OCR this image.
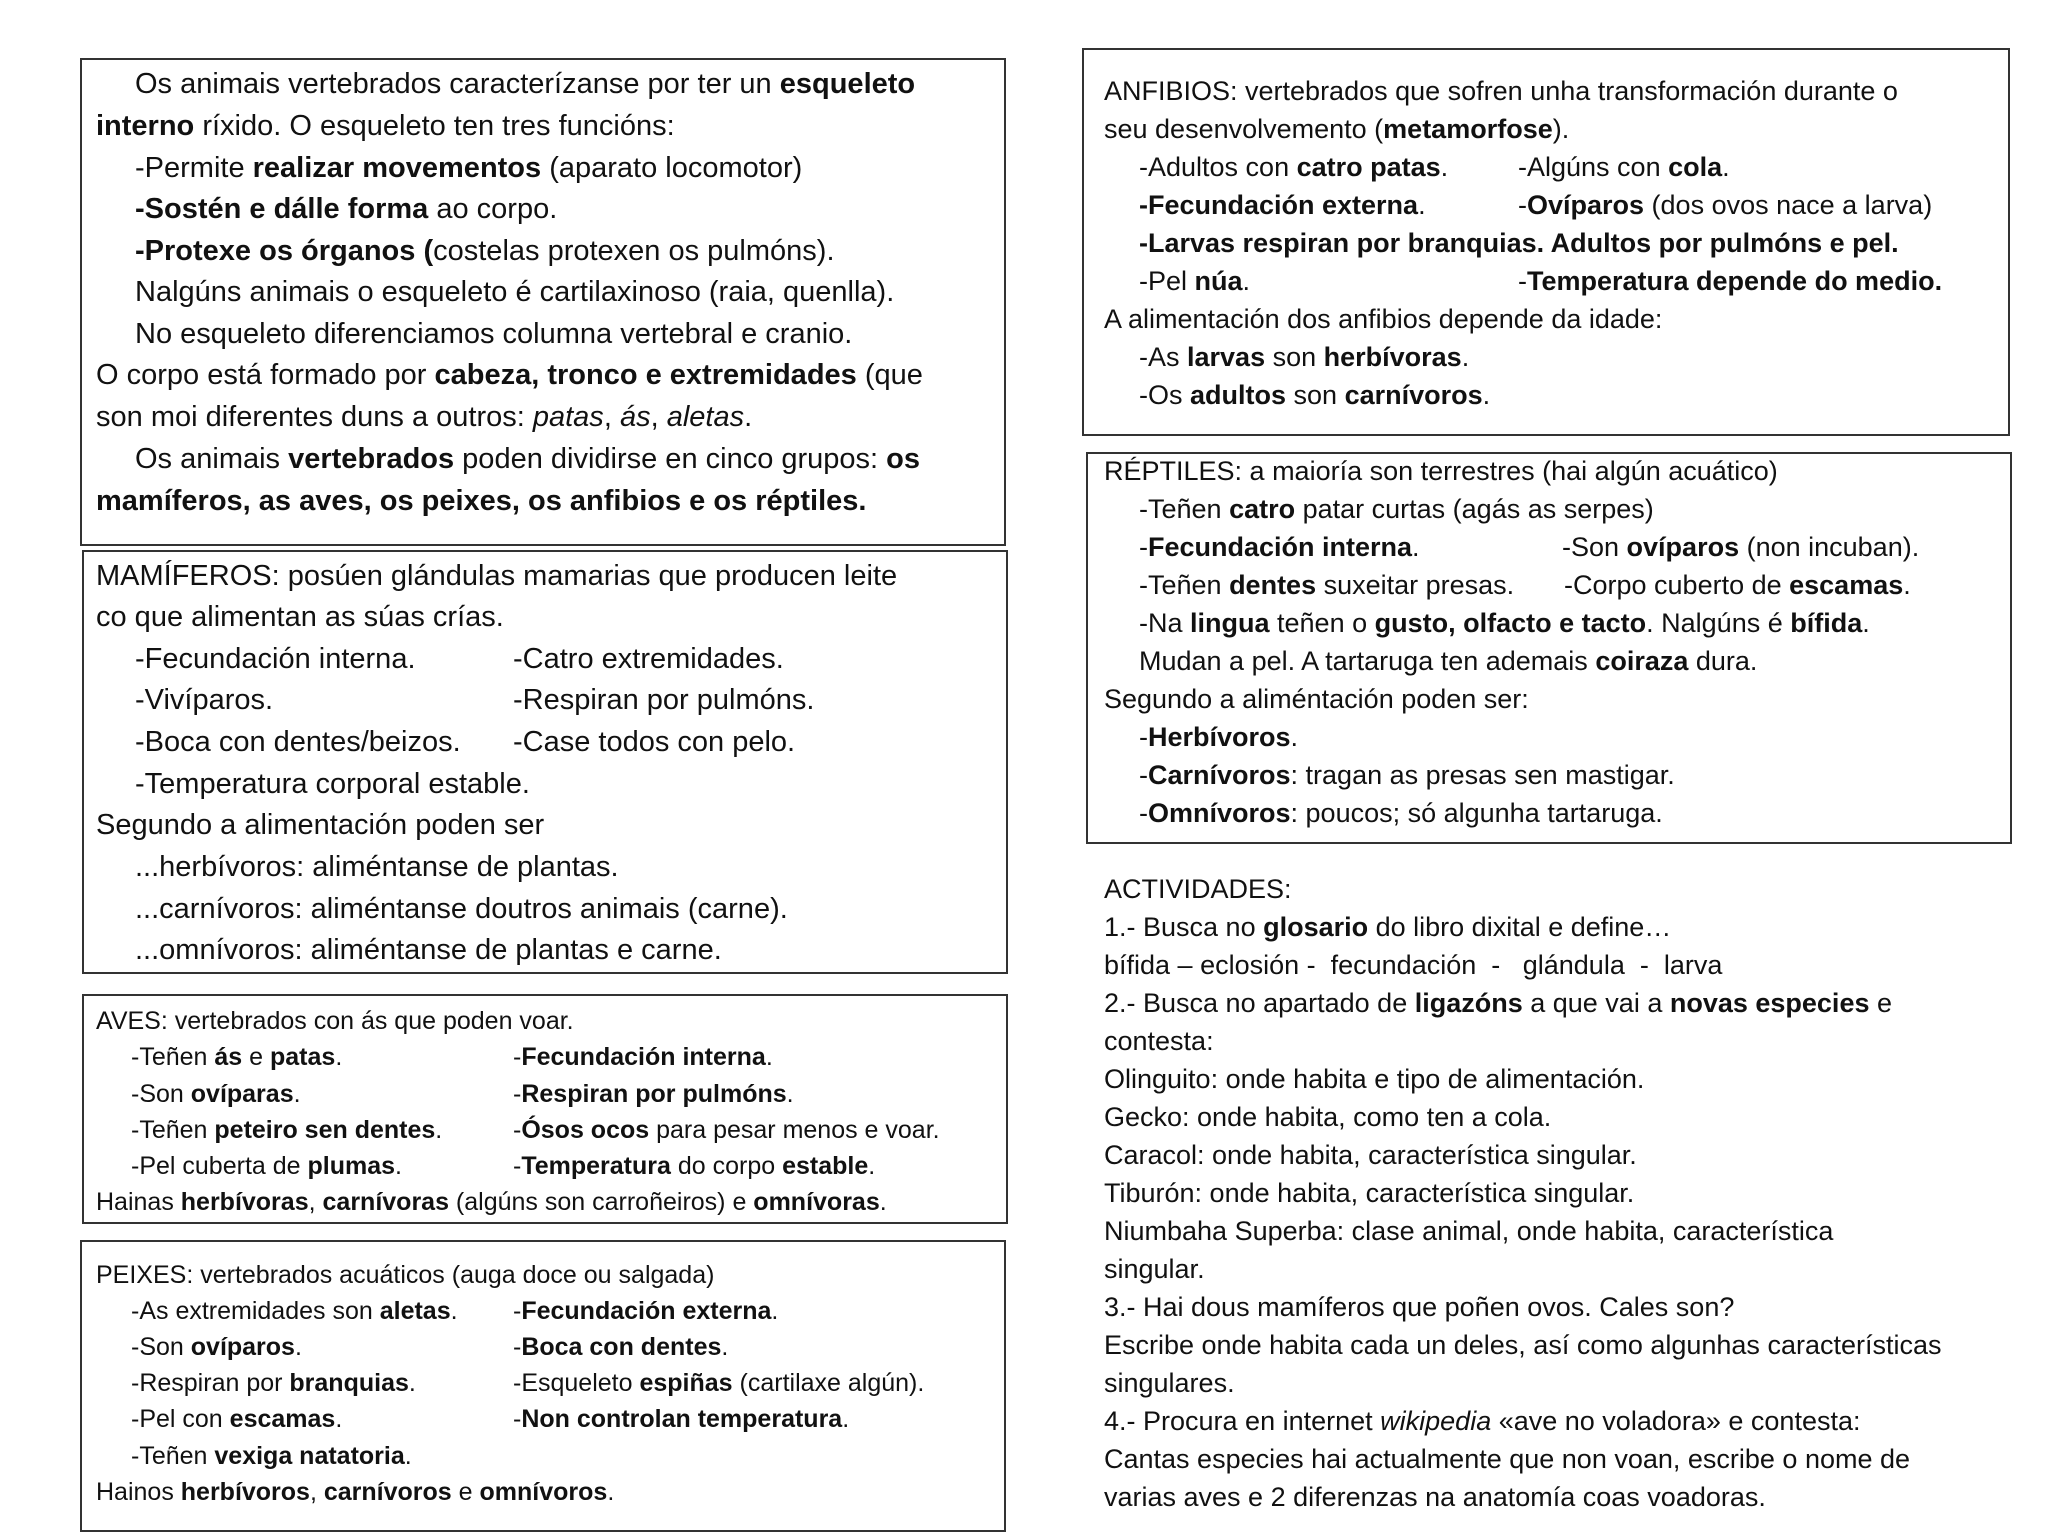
Os animais vertebrados caracterízanse por ter un esqueleto
interno ríxido. O esqueleto ten tres funcións:
-Permite realizar movementos (aparato locomotor)
-Sostén e dálle forma ao corpo.
-Protexe os órganos (costelas protexen os pulmóns).
Nalgúns animais o esqueleto é cartilaxinoso (raia, quenlla).
No esqueleto diferenciamos columna vertebral e cranio.
O corpo está formado por cabeza, tronco e extremidades (que
son moi diferentes duns a outros: patas, ás, aletas.
Os animais vertebrados poden dividirse en cinco grupos: os
mamíferos, as aves, os peixes, os anfibios e os réptiles.
MAMÍFEROS: posúen glándulas mamarias que producen leite
co que alimentan as súas crías.
-Fecundación interna.	-Catro extremidades.
-Vivíparos.	-Respiran por pulmóns.
-Boca con dentes/beizos. -Case todos con pelo.
-Temperatura corporal estable.
Segundo a alimentación poden ser
...herbívoros: aliméntanse de plantas.
...carnívoros: aliméntanse doutros animais (carne).
...omnívoros: aliméntanse de plantas e carne.
AVES: vertebrados con ás que poden voar.
-Teñen ás e patas.	-Fecundación interna.
-Son ovíparas.	-Respiran por pulmóns.
-Teñen peteiro sen dentes.	-Ósos ocos para pesar menos e voar.
-Pel cuberta de plumas.	-Temperatura do corpo estable.
Hainas herbívoras, carnívoras (algúns son carroñeiros) e omnívoras.
PEIXES: vertebrados acuáticos (auga doce ou salgada)
-As extremidades son aletas. -Fecundación externa.
-Son ovíparos.	-Boca con dentes.
-Respiran por branquias.	-Esqueleto espiñas (cartilaxe algún).
-Pel con escamas.	-Non controlan temperatura.
-Teñen vexiga natatoria.
Hainos herbívoros, carnívoros e omnívoros.
ANFIBIOS: vertebrados que sofren unha transformación durante o
seu desenvolvemento (metamorfose).
-Adultos con catro patas.	-Algúns con cola.
-Fecundación externa.	-Ovíparos (dos ovos nace a larva)
-Larvas respiran por branquias. Adultos por pulmóns e pel.
-Pel núa.	-Temperatura depende do medio.
A alimentación dos anfibios depende da idade:
-As larvas son herbívoras.
-Os adultos son carnívoros.
RÉPTILES: a maioría son terrestres (hai algún acuático)
-Teñen catro patar curtas (agás as serpes)
-Fecundación interna.	-Son ovíparos (non incuban).
-Teñen dentes suxeitar presas. -Corpo cuberto de escamas.
-Na lingua teñen o gusto, olfacto e tacto. Nalgúns é bífida.
Mudan a pel. A tartaruga ten ademais coiraza dura.
Segundo a aliméntación poden ser:
-Herbívoros.
-Carnívoros: tragan as presas sen mastigar.
-Omnívoros: poucos; só algunha tartaruga.
ACTIVIDADES:
1.- Busca no glosario do libro dixital e define…
bífida – eclosión -  fecundación  -   glándula  -  larva
2.- Busca no apartado de ligazóns a que vai a novas especies e
contesta:
Olinguito: onde habita e tipo de alimentación.
Gecko: onde habita, como ten a cola.
Caracol: onde habita, característica singular.
Tiburón: onde habita, característica singular.
Niumbaha Superba: clase animal, onde habita, característica
singular.
3.- Hai dous mamíferos que poñen ovos. Cales son?
Escribe onde habita cada un deles, así como algunhas características
singulares.
4.- Procura en internet wikipedia «ave no voladora» e contesta:
Cantas especies hai actualmente que non voan, escribe o nome de
varias aves e 2 diferenzas na anatomía coas voadoras.
